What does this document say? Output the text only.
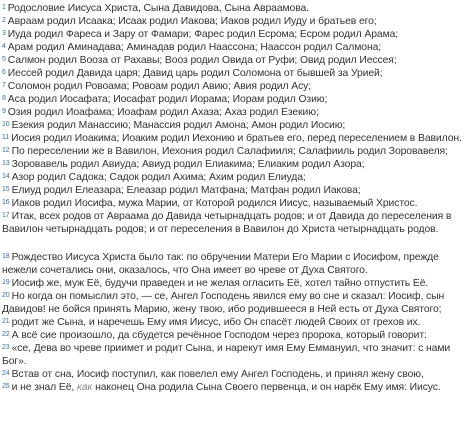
$^1$ Родословие Иисуса Христа, Сына Давидова, Сына Авраамова.
$^2$ Авраам родил Исаака; Исаак родил Иакова; Иаков родил Иуду и братьев его;
$^3$ Иуда родил Фареса и Зару от Фамари; Фарес родил Есрома; Есром родил Арама;
$^4$ Арам родил Аминадава; Аминадав родил Наассона; Наассон родил Салмона;
$^5$ Салмон родил Вооза от Рахавы; Вооз родил Овида от Руфи; Овид родил Иессея;
$^6$ Иессей родил Давида царя; Давид царь родил Соломона от бывшей за Урией;
$^7$ Соломон родил Ровоама; Ровоам родил Авию; Авия родил Асу;
$^8$ Аса родил Иосафата; Иосафат родил Иорама; Иорам родил Озию;
$^9$ Озия родил Иоафама; Иоафам родил Ахаза; Ахаз родил Езекию;
$^{10}$ Езекия родил Манассию; Манассия родил Амона; Амон родил Иосию;
$^{11}$ Иосия родил Иоакима; Иоаким родил Иехонию и братьев его, перед переселением в Вавилон.
$^{12}$ По переселении же в Вавилон, Иехония родил Салафииля; Салафииль родил Зоровавеля;
$^{13}$ Зоровавель родил Авиуда; Авиуд родил Елиакима; Елиаким родил Азора;
$^{14}$ Азор родил Садока; Садок родил Ахима; Ахим родил Елиуда;
$^{15}$ Елиуд родил Елеазара; Елеазар родил Матфана; Матфан родил Иакова;
$^{16}$ Иаков родил Иосифа, мужа Марии, от Которой родился Иисус, называемый Христос.
$^{17}$ Итак, всех родов от Авраама до Давида четырнадцать родов; и от Давида до переселения в Вавилон четырнадцать родов; и от переселения в Вавилон до Христа четырнадцать родов.
$^{18}$ Рождество Иисуса Христа было так: по обручении Матери Его Марии с Иосифом, прежде нежели сочетались они, оказалось, что Она имеет во чреве от Духа Святого.
$^{19}$ Иосиф же, муж Её, будучи праведен и не желая огласить Её, хотел тайно отпустить Её.
$^{20}$ Но когда он помыслил это, — се, Ангел Господень явился ему во сне и сказал: Иосиф, сын Давидов! не бойся принять Марию, жену твою, ибо родившееся в Ней есть от Духа Святого;
$^{21}$ родит же Сына, и наречешь Ему имя Иисус, ибо Он спасёт людей Своих от грехов их.
$^{22}$ А всё сие произошло, да сбудется речённое Господом через пророка, который говорит:
$^{23}$ «се, Дева во чреве приимет и родит Сына, и нарекут имя Ему Еммануил, что значит: с нами Бог».
$^{24}$ Встав от сна, Иосиф поступил, как повелел ему Ангел Господень, и принял жену свою,
$^{25}$ и не знал Её, как наконец Она родила Сына Своего первенца, и он нарёк Ему имя: Иисус.
